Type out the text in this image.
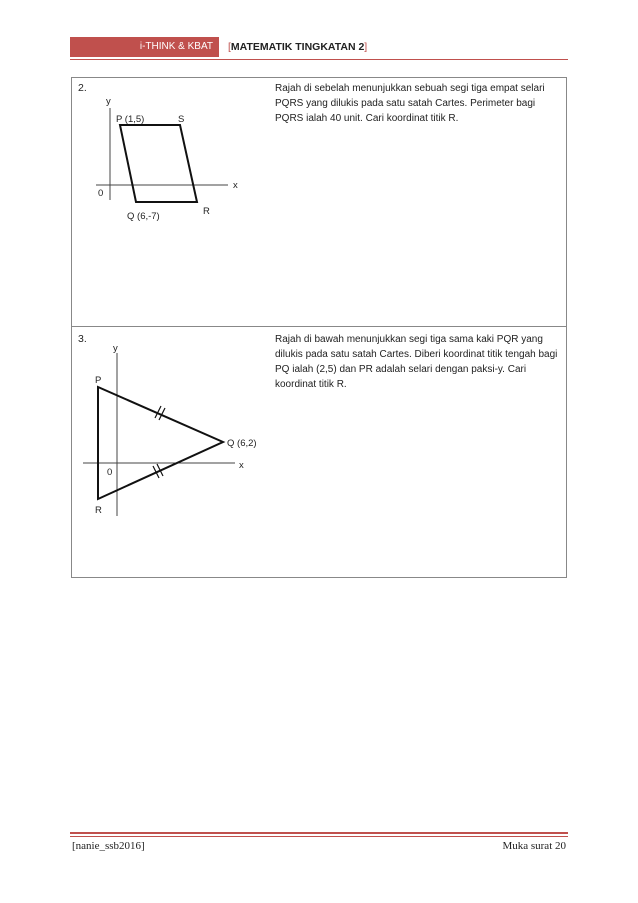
i-THINK & KBAT	[MATEMATIK TINGKATAN 2]
2.	Rajah di sebelah menunjukkan sebuah segi tiga empat selari PQRS yang dilukis pada satu satah Cartes. Perimeter bagi PQRS ialah 40 unit. Cari koordinat titik R.
y
x
0
P (1,5)	S
R
Q (6,-7)
3.	Rajah di bawah menunjukkan segi tiga sama kaki PQR yang dilukis pada satu satah Cartes. Diberi koordinat titik tengah bagi PQ ialah (2,5) dan PR adalah selari dengan paksi-y. Cari koordinat titik R.
y
x
0
P
Q (6,2)
R
[nanie_ssb2016]	Muka surat 20
